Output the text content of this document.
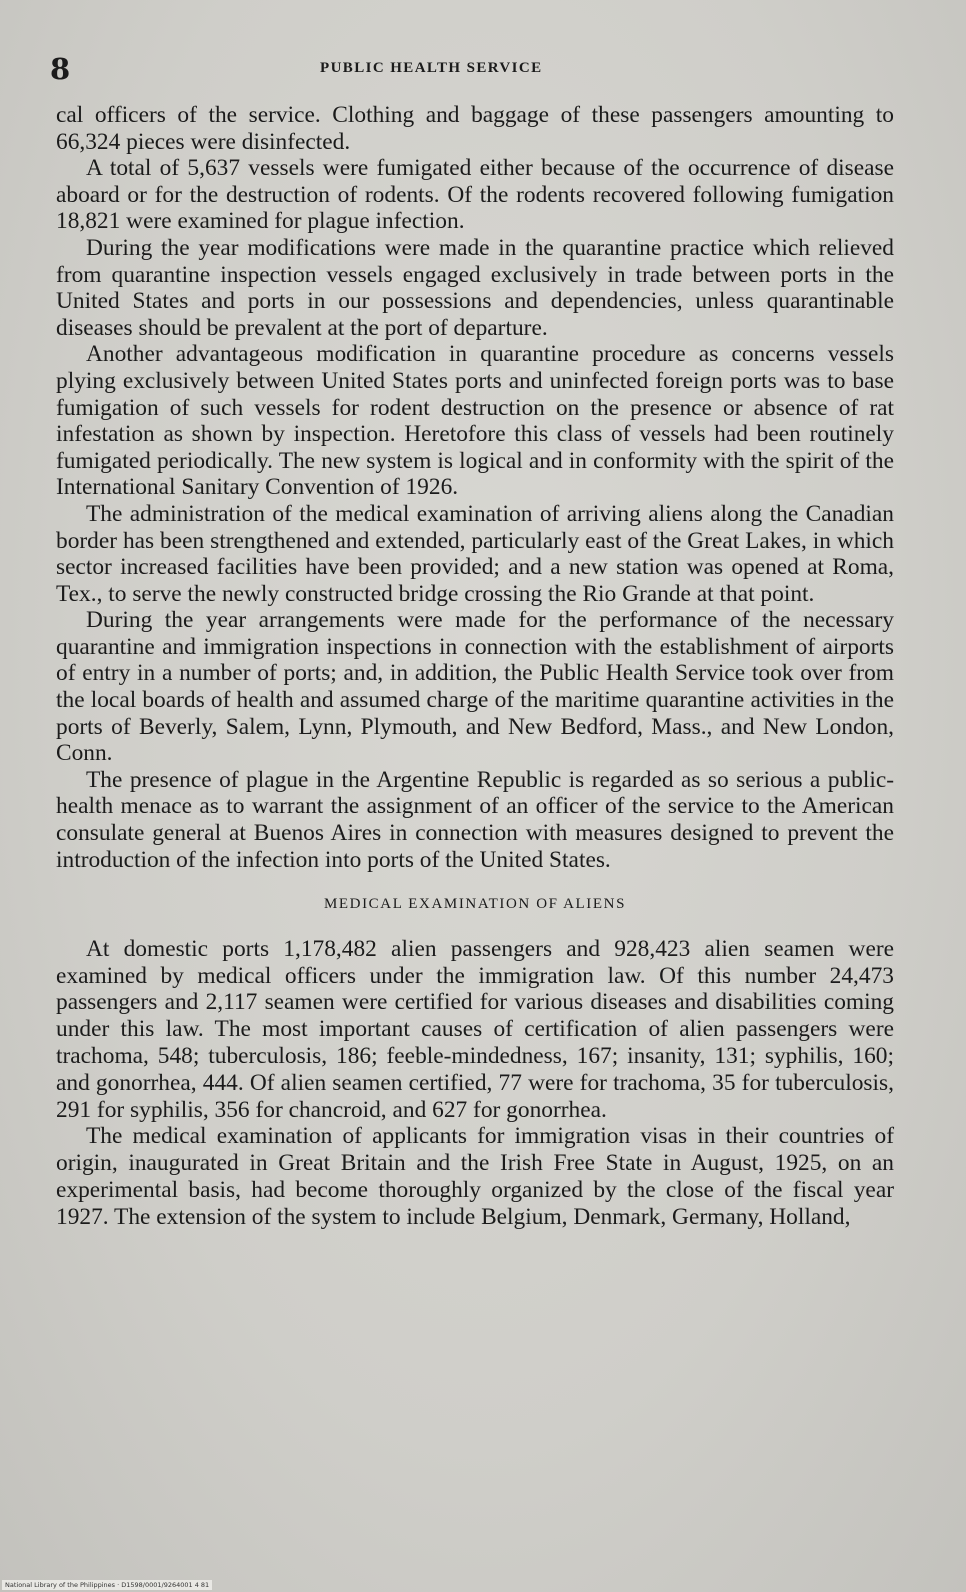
8	PUBLIC HEALTH SERVICE

cal officers of the service. Clothing and baggage of these passengers amounting to 66,324 pieces were disinfected.

A total of 5,637 vessels were fumigated either because of the occurrence of disease aboard or for the destruction of rodents. Of the rodents recovered following fumigation 18,821 were examined for plague infection.

During the year modifications were made in the quarantine practice which relieved from quarantine inspection vessels engaged exclusively in trade between ports in the United States and ports in our possessions and dependencies, unless quarantinable diseases should be prevalent at the port of departure.

Another advantageous modification in quarantine procedure as concerns vessels plying exclusively between United States ports and uninfected foreign ports was to base fumigation of such vessels for rodent destruction on the presence or absence of rat infestation as shown by inspection. Heretofore this class of vessels had been routinely fumigated periodically. The new system is logical and in conformity with the spirit of the International Sanitary Convention of 1926.

The administration of the medical examination of arriving aliens along the Canadian border has been strengthened and extended, particularly east of the Great Lakes, in which sector increased facilities have been provided; and a new station was opened at Roma, Tex., to serve the newly constructed bridge crossing the Rio Grande at that point.

During the year arrangements were made for the performance of the necessary quarantine and immigration inspections in connection with the establishment of airports of entry in a number of ports; and, in addition, the Public Health Service took over from the local boards of health and assumed charge of the maritime quarantine activities in the ports of Beverly, Salem, Lynn, Plymouth, and New Bedford, Mass., and New London, Conn.

The presence of plague in the Argentine Republic is regarded as so serious a public-health menace as to warrant the assignment of an officer of the service to the American consulate general at Buenos Aires in connection with measures designed to prevent the introduction of the infection into ports of the United States.

MEDICAL EXAMINATION OF ALIENS

At domestic ports 1,178,482 alien passengers and 928,423 alien seamen were examined by medical officers under the immigration law. Of this number 24,473 passengers and 2,117 seamen were certified for various diseases and disabilities coming under this law. The most important causes of certification of alien passengers were trachoma, 548; tuberculosis, 186; feeble-mindedness, 167; insanity, 131; syphilis, 160; and gonorrhea, 444. Of alien seamen certified, 77 were for trachoma, 35 for tuberculosis, 291 for syphilis, 356 for chancroid, and 627 for gonorrhea.

The medical examination of applicants for immigration visas in their countries of origin, inaugurated in Great Britain and the Irish Free State in August, 1925, on an experimental basis, had become thoroughly organized by the close of the fiscal year 1927. The extension of the system to include Belgium, Denmark, Germany, Holland,

National Library of the Philippines · D1598/0001/9264001 4 81
